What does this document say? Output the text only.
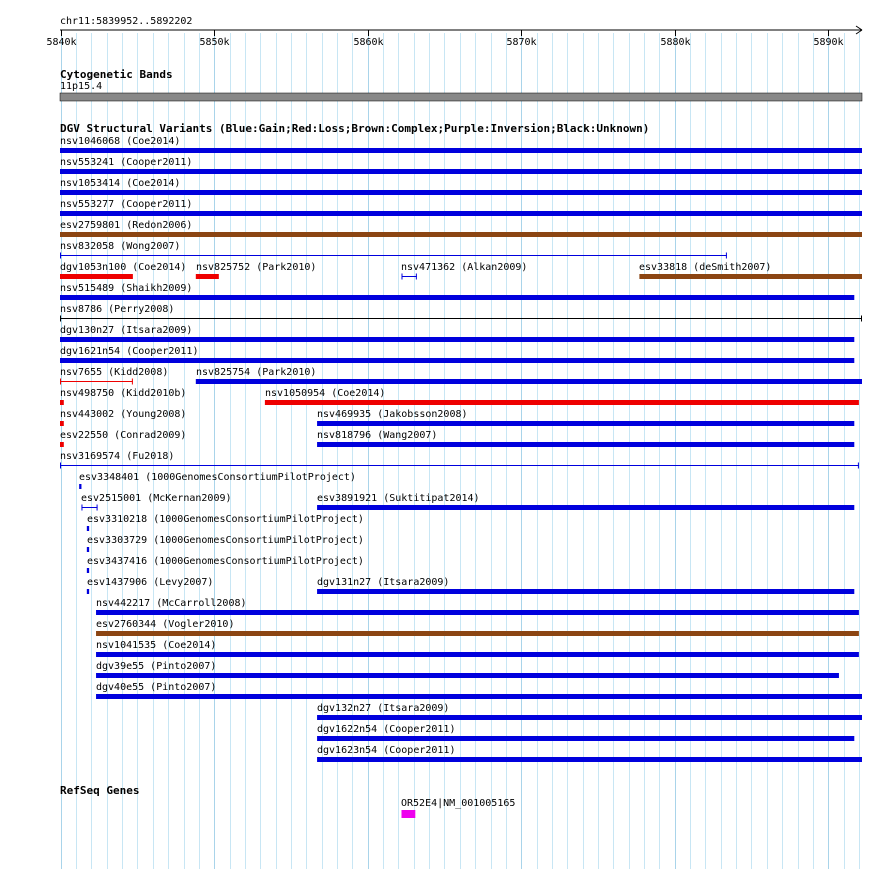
chr11:5839952..5892202
5840k	5850k	5860k	5870k	5880k	5890k
Cytogenetic Bands
11p15.4
DGV Structural Variants (Blue:Gain;Red:Loss;Brown:Complex;Purple:Inversion;Black:Unknown)
nsv1046068 (Coe2014)
nsv553241 (Cooper2011)
nsv1053414 (Coe2014)
nsv553277 (Cooper2011)
esv2759801 (Redon2006)
nsv832058 (Wong2007)
dgv1053n100 (Coe2014) nsv825752 (Park2010)	nsv471362 (Alkan2009)	esv33818 (deSmith2007)
nsv515489 (Shaikh2009)
nsv8786 (Perry2008)
dgv130n27 (Itsara2009)
dgv1621n54 (Cooper2011)
nsv7655 (Kidd2008)	nsv825754 (Park2010)
nsv498750 (Kidd2010b)	nsv1050954 (Coe2014)
nsv443002 (Young2008)	nsv469935 (Jakobsson2008)
esv22550 (Conrad2009)	nsv818796 (Wang2007)
nsv3169574 (Fu2018)
esv3348401 (1000GenomesConsortiumPilotProject)
esv2515001 (McKernan2009)	esv3891921 (Suktitipat2014)
esv3310218 (1000GenomesConsortiumPilotProject)
esv3303729 (1000GenomesConsortiumPilotProject)
esv3437416 (1000GenomesConsortiumPilotProject)
esv1437906 (Levy2007)	dgv131n27 (Itsara2009)
nsv442217 (McCarroll2008)
esv2760344 (Vogler2010)
nsv1041535 (Coe2014)
dgv39e55 (Pinto2007)
dgv40e55 (Pinto2007)
dgv132n27 (Itsara2009)
dgv1622n54 (Cooper2011)
dgv1623n54 (Cooper2011)
RefSeq Genes
OR52E4|NM_001005165
